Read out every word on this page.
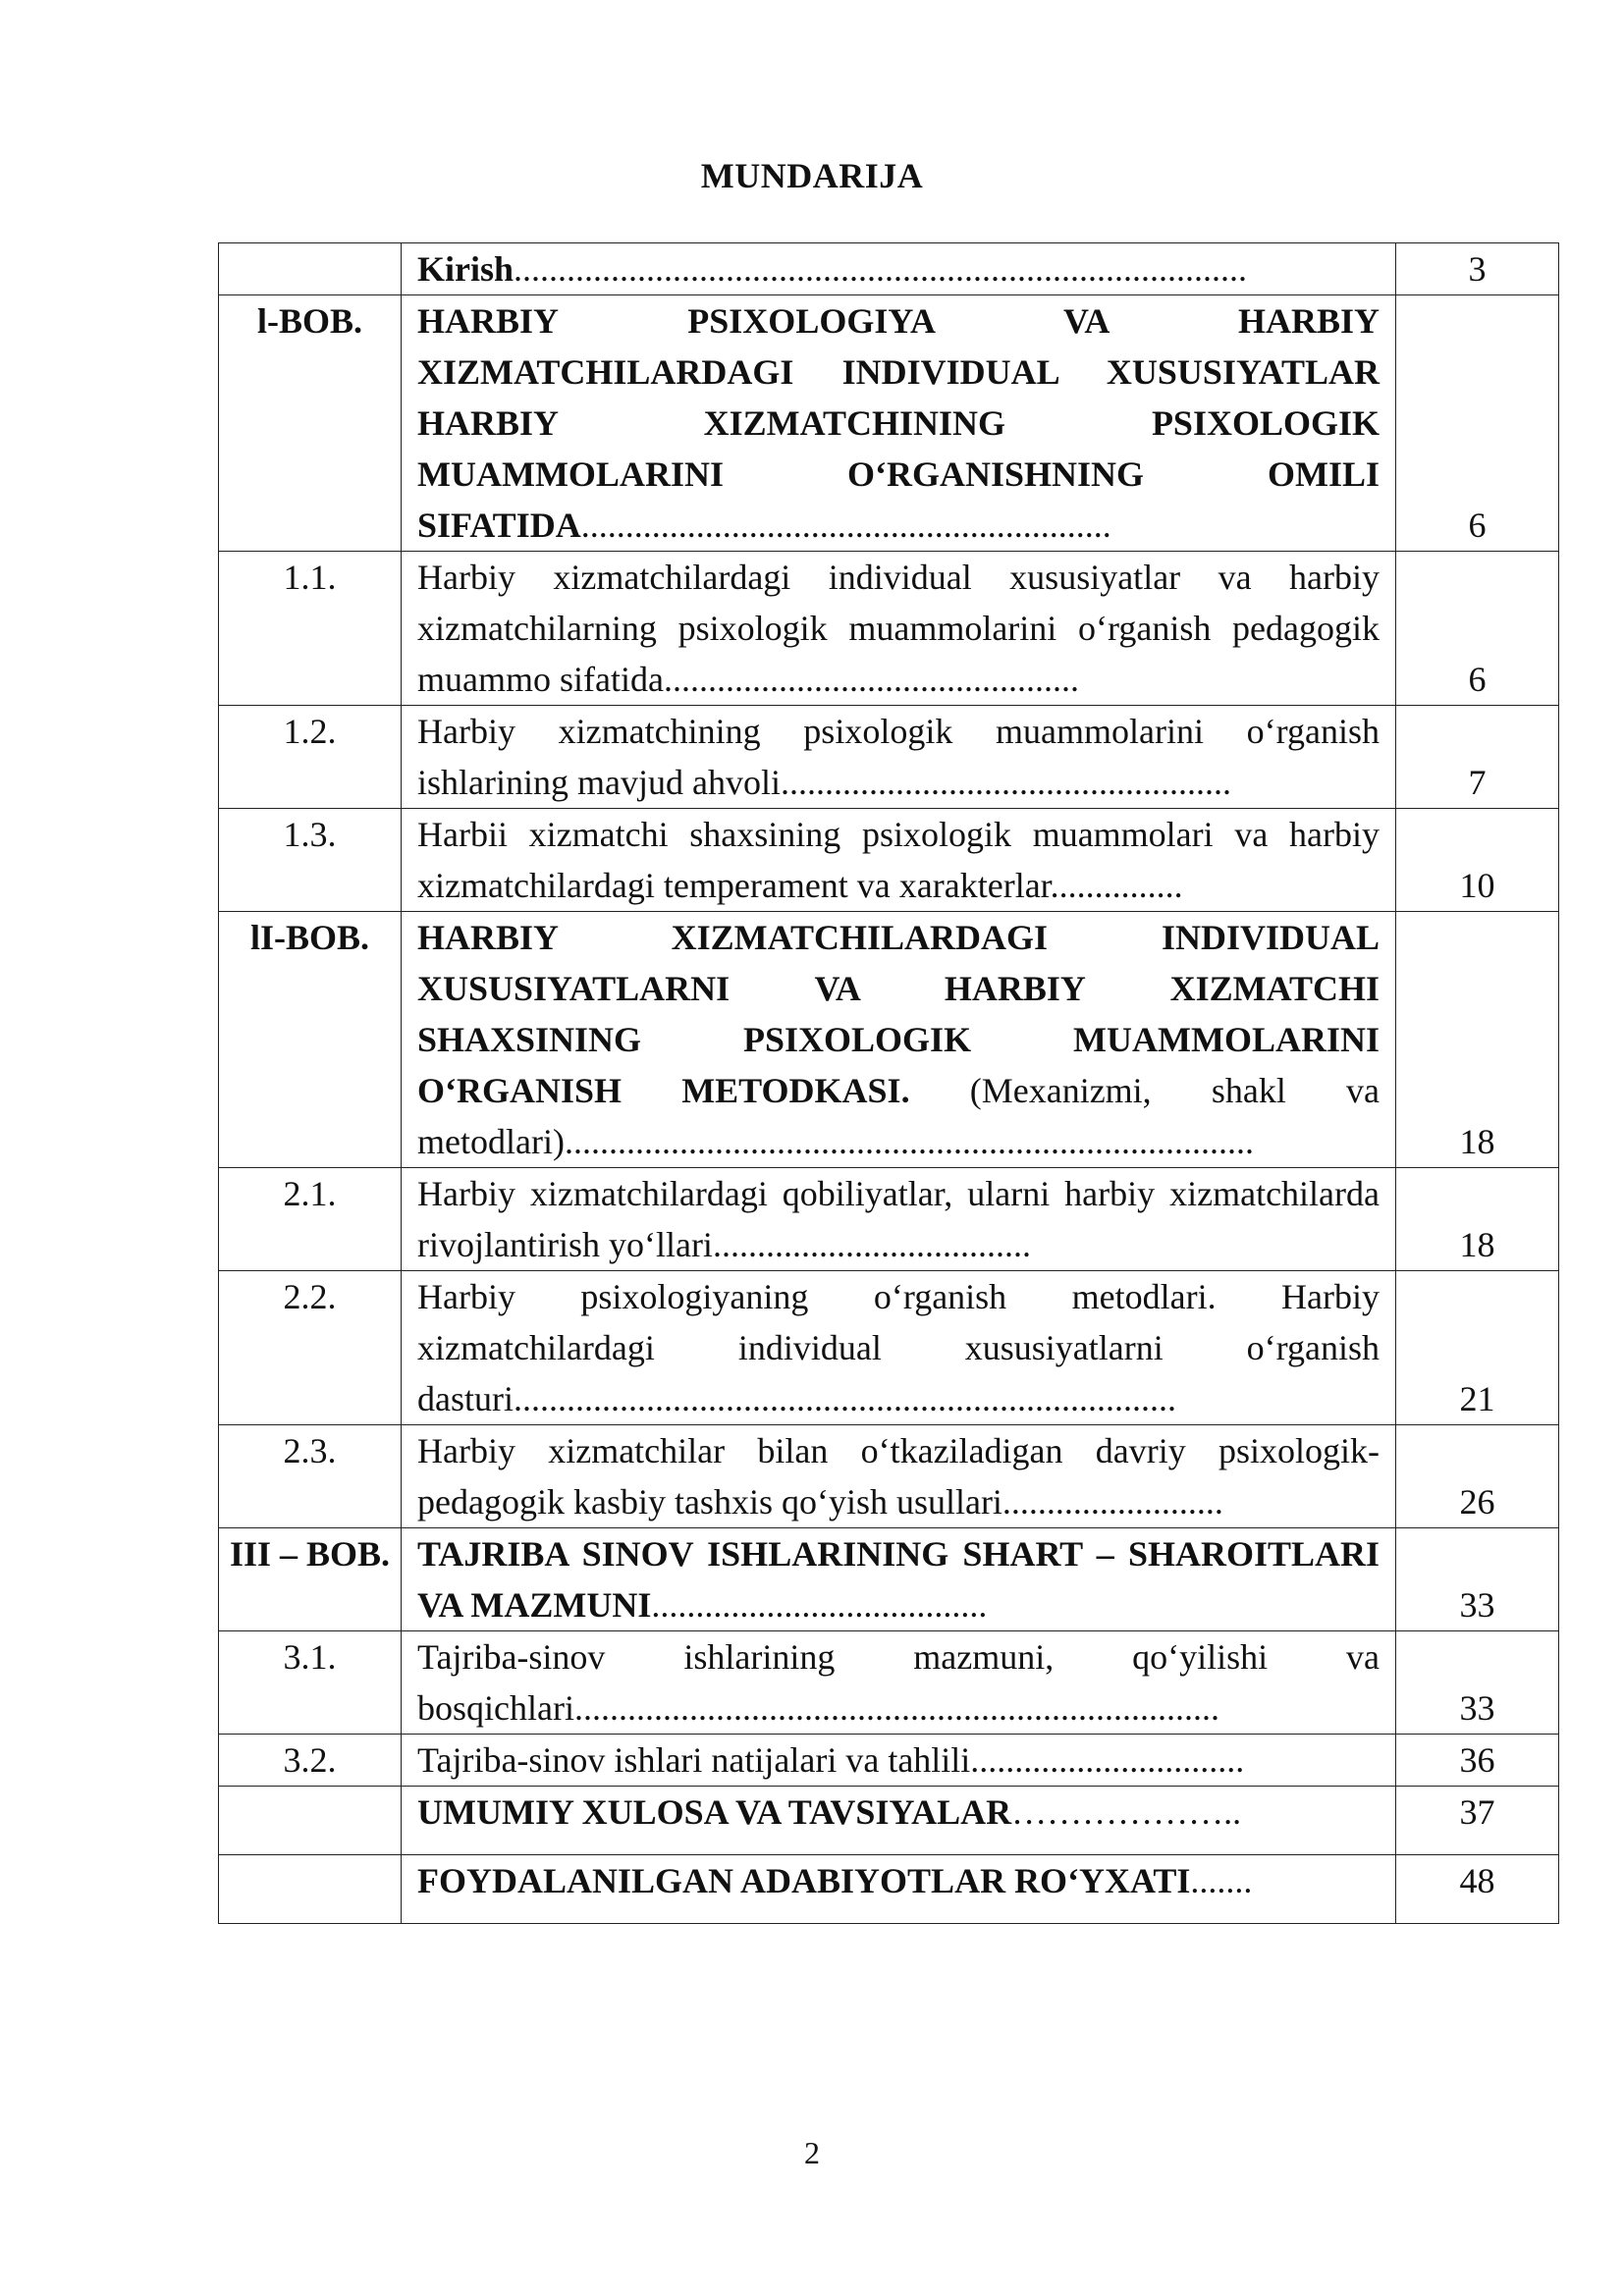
MUNDARIJA

	Kirish...................................................................................	3
l-BOB.	HARBIY PSIXOLOGIYA VA HARBIY XIZMATCHILARDAGI INDIVIDUAL XUSUSIYATLAR HARBIY XIZMATCHINING PSIXOLOGIK MUAMMOLARINI O‘RGANISHNING OMILI SIFATIDA............................................................	6
1.1.	Harbiy xizmatchilardagi individual xususiyatlar va harbiy xizmatchilarning psixologik muammolarini o‘rganish pedagogik muammo sifatida...............................................	6
1.2.	Harbiy xizmatchining psixologik muammolarini o‘rganish ishlarining mavjud ahvoli...................................................	7
1.3.	Harbii xizmatchi shaxsining psixologik muammolari va harbiy xizmatchilardagi temperament va xarakterlar...............	10
lI-BOB.	HARBIY XIZMATCHILARDAGI INDIVIDUAL XUSUSIYATLARNI VA HARBIY XIZMATCHI SHAXSINING PSIXOLOGIK MUAMMOLARINI O‘RGANISH METODKASI. (Mexanizmi, shakl va metodlari)..............................................................................	18
2.1.	Harbiy xizmatchilardagi qobiliyatlar, ularni harbiy xizmatchilarda rivojlantirish yo‘llari....................................	18
2.2.	Harbiy psixologiyaning o‘rganish metodlari. Harbiy xizmatchilardagi individual xususiyatlarni o‘rganish dasturi...........................................................................	21
2.3.	Harbiy xizmatchilar bilan o‘tkaziladigan davriy psixologik-pedagogik kasbiy tashxis qo‘yish usullari.........................	26
III – BOB.	TAJRIBA SINOV ISHLARINING SHART – SHAROITLARI VA MAZMUNI......................................	33
3.1.	Tajriba-sinov ishlarining mazmuni, qo‘yilishi va bosqichlari.........................................................................	33
3.2.	Tajriba-sinov ishlari natijalari va tahlili...............................	36

	UMUMIY XULOSA VA TAVSIYALAR………………..	37

	FOYDALANILGAN ADABIYOTLAR RO‘YXATI.......	48
2
